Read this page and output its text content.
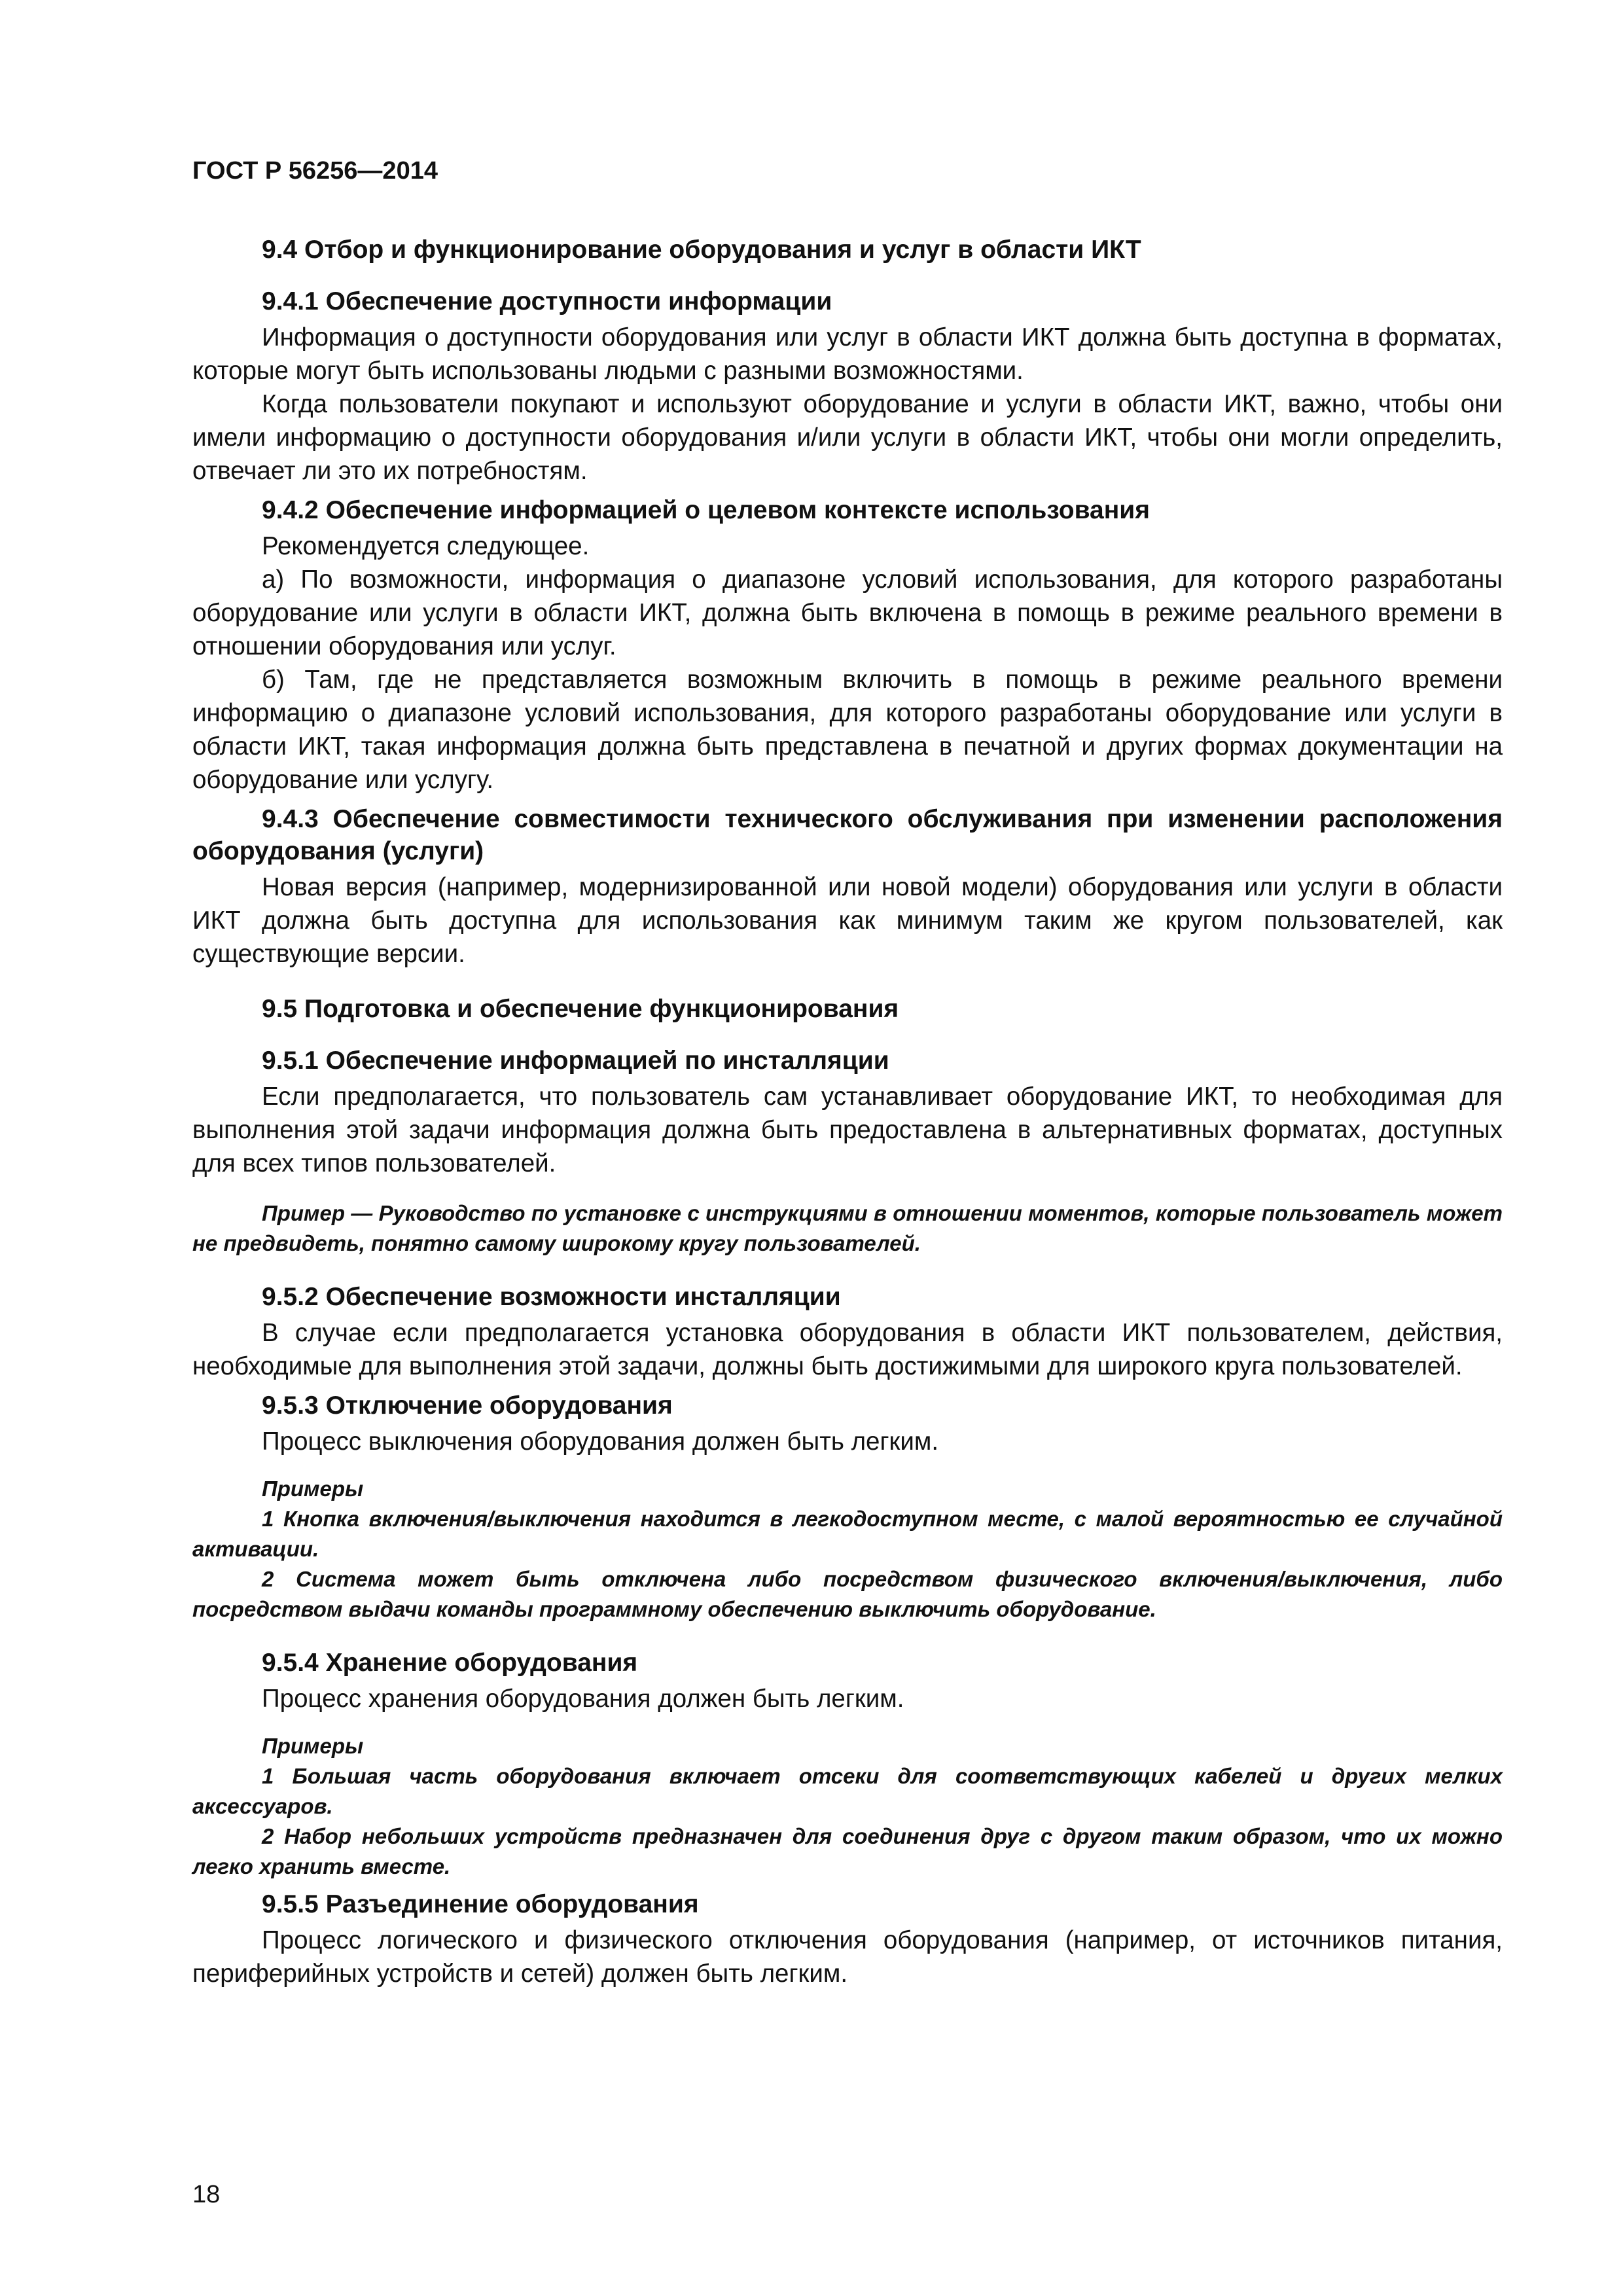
ГОСТ Р 56256—2014
9.4 Отбор и функционирование оборудования и услуг в области ИКТ
9.4.1 Обеспечение доступности информации

Информация о доступности оборудования или услуг в области ИКТ должна быть доступна в форматах, которые могут быть использованы людьми с разными возможностями.

Когда пользователи покупают и используют оборудование и услуги в области ИКТ, важно, чтобы они имели информацию о доступности оборудования и/или услуги в области ИКТ, чтобы они могли определить, отвечает ли это их потребностям.

9.4.2 Обеспечение информацией о целевом контексте использования

Рекомендуется следующее.

а) По возможности, информация о диапазоне условий использования, для которого разработаны оборудование или услуги в области ИКТ, должна быть включена в помощь в режиме реального времени в отношении оборудования или услуг.

б) Там, где не представляется возможным включить в помощь в режиме реального времени информацию о диапазоне условий использования, для которого разработаны оборудование или услуги в области ИКТ, такая информация должна быть представлена в печатной и других формах документации на оборудование или услугу.

9.4.3 Обеспечение совместимости технического обслуживания при изменении расположения оборудования (услуги)

Новая версия (например, модернизированной или новой модели) оборудования или услуги в области ИКТ должна быть доступна для использования как минимум таким же кругом пользователей, как существующие версии.

9.5 Подготовка и обеспечение функционирования
9.5.1 Обеспечение информацией по инсталляции

Если предполагается, что пользователь сам устанавливает оборудование ИКТ, то необходимая для выполнения этой задачи информация должна быть предоставлена в альтернативных форматах, доступных для всех типов пользователей.

Пример — Руководство по установке с инструкциями в отношении моментов, которые пользователь может не предвидеть, понятно самому широкому кругу пользователей.

9.5.2 Обеспечение возможности инсталляции

В случае если предполагается установка оборудования в области ИКТ пользователем, действия, необходимые для выполнения этой задачи, должны быть достижимыми для широкого круга пользователей.

9.5.3 Отключение оборудования

Процесс выключения оборудования должен быть легким.

Примеры

1 Кнопка включения/выключения находится в легкодоступном месте, с малой вероятностью ее случайной активации.

2 Система может быть отключена либо посредством физического включения/выключения, либо посредством выдачи команды программному обеспечению выключить оборудование.

9.5.4 Хранение оборудования

Процесс хранения оборудования должен быть легким.

Примеры

1 Большая часть оборудования включает отсеки для соответствующих кабелей и других мелких аксессуаров.

2 Набор небольших устройств предназначен для соединения друг с другом таким образом, что их можно легко хранить вместе.

9.5.5 Разъединение оборудования

Процесс логического и физического отключения оборудования (например, от источников питания, периферийных устройств и сетей) должен быть легким.

18
